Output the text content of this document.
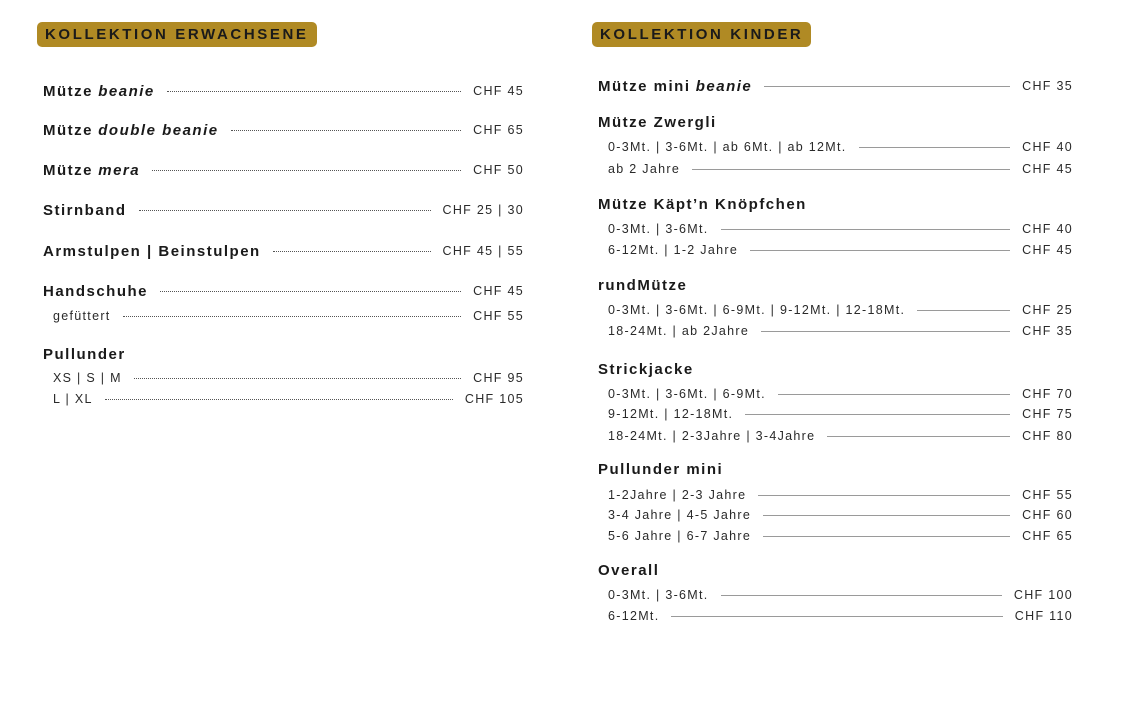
KOLLEKTION ERWACHSENE	KOLLEKTION KINDER
Mütze beanie	CHF 45
Mütze double beanie	CHF 65
Mütze mera	CHF 50
Stirnband	CHF 25 | 30
Armstulpen | Beinstulpen	CHF 45 | 55
Handschuhe	CHF 45
gefüttert	CHF 55
Pullunder
XS | S | M	CHF 95
L | XL	CHF 105
Mütze mini beanie	CHF 35
Mütze Zwergli
0-3Mt. | 3-6Mt. | ab 6Mt. | ab 12Mt.	CHF 40
ab 2 Jahre	CHF 45
Mütze Käpt’n Knöpfchen
0-3Mt. | 3-6Mt.	CHF 40
6-12Mt. | 1-2 Jahre	CHF 45
rundMütze
0-3Mt. | 3-6Mt. | 6-9Mt. | 9-12Mt. | 12-18Mt.	CHF 25
18-24Mt. | ab 2Jahre	CHF 35
Strickjacke
0-3Mt. | 3-6Mt. | 6-9Mt.	CHF 70
9-12Mt. | 12-18Mt.	CHF 75
18-24Mt. | 2-3Jahre | 3-4Jahre	CHF 80
Pullunder mini
1-2Jahre | 2-3 Jahre	CHF 55
3-4 Jahre | 4-5 Jahre	CHF 60
5-6 Jahre | 6-7 Jahre	CHF 65
Overall
0-3Mt. | 3-6Mt.	CHF 100
6-12Mt.	CHF 110
